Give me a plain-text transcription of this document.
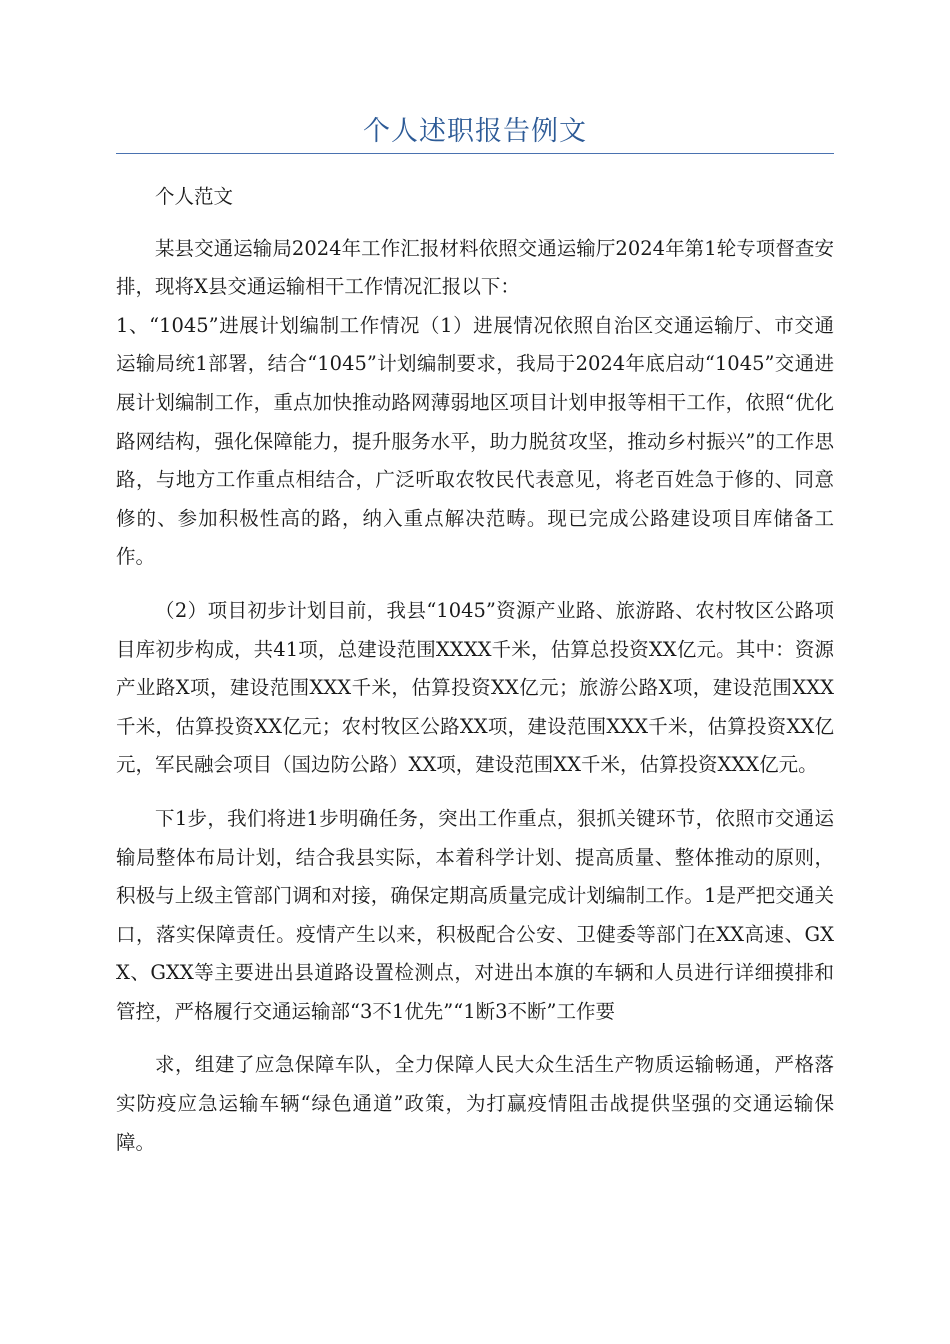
个人述职报告例文

个人范文

某县交通运输局2024年工作汇报材料依照交通运输厅2024年第1轮专项督查安排，现将X县交通运输相干工作情况汇报以下：

1、“1045”进展计划编制工作情况（1）进展情况依照自治区交通运输厅、市交通运输局统1部署，结合“1045”计划编制要求，我局于2024年底启动“1045”交通进展计划编制工作，重点加快推动路网薄弱地区项目计划申报等相干工作，依照“优化路网结构，强化保障能力，提升服务水平，助力脱贫攻坚，推动乡村振兴”的工作思路，与地方工作重点相结合，广泛听取农牧民代表意见，将老百姓急于修的、同意修的、参加积极性高的路，纳入重点解决范畴。现已完成公路建设项目库储备工作。

（2）项目初步计划目前，我县“1045”资源产业路、旅游路、农村牧区公路项目库初步构成，共41项，总建设范围XXXX千米，估算总投资XX亿元。其中：资源产业路X项，建设范围XXX千米，估算投资XX亿元；旅游公路X项，建设范围XXX千米，估算投资XX亿元；农村牧区公路XX项，建设范围XXX千米，估算投资XX亿元，军民融会项目（国边防公路）XX项，建设范围XX千米，估算投资XXX亿元。

下1步，我们将进1步明确任务，突出工作重点，狠抓关键环节，依照市交通运输局整体布局计划，结合我县实际，本着科学计划、提高质量、整体推动的原则，积极与上级主管部门调和对接，确保定期高质量完成计划编制工作。1是严把交通关口，落实保障责任。疫情产生以来，积极配合公安、卫健委等部门在XX高速、GXX、GXX等主要进出县道路设置检测点，对进出本旗的车辆和人员进行详细摸排和管控，严格履行交通运输部“3不1优先”“1断3不断”工作要

求，组建了应急保障车队，全力保障人民大众生活生产物质运输畅通，严格落实防疫应急运输车辆“绿色通道”政策，为打赢疫情阻击战提供坚强的交通运输保障。
